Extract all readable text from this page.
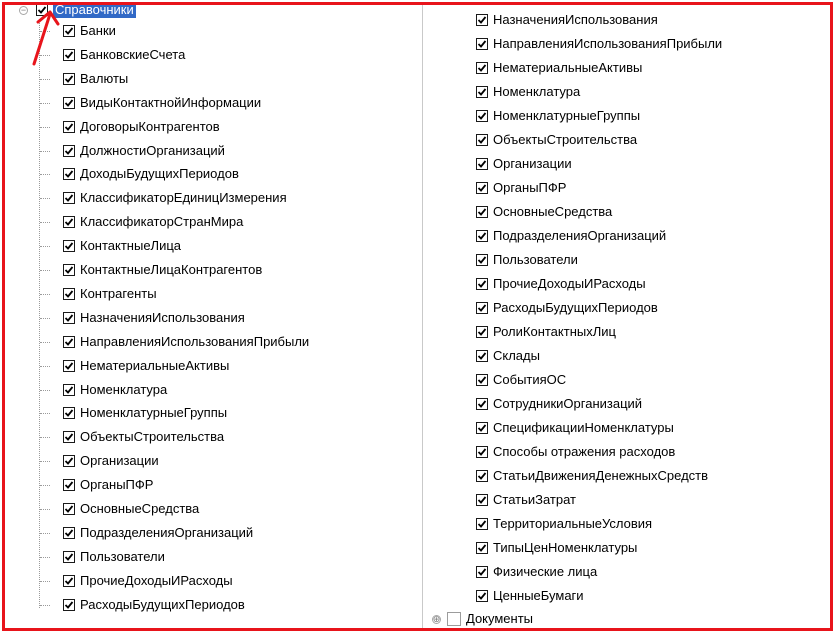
− Справочники
Банки
БанковскиеСчета
Валюты
ВидыКонтактнойИнформации
ДоговорыКонтрагентов
ДолжностиОрганизаций
ДоходыБудущихПериодов
КлассификаторЕдиницИзмерения
КлассификаторСтранМира
КонтактныеЛица
КонтактныеЛицаКонтрагентов
Контрагенты
НазначенияИспользования
НаправленияИспользованияПрибыли
НематериальныеАктивы
Номенклатура
НоменклатурныеГруппы
ОбъектыСтроительства
Организации
ОрганыПФР
ОсновныеСредства
ПодразделенияОрганизаций
Пользователи
ПрочиеДоходыИРасходы
РасходыБудущихПериодов
НазначенияИспользования
НаправленияИспользованияПрибыли
НематериальныеАктивы
Номенклатура
НоменклатурныеГруппы
ОбъектыСтроительства
Организации
ОрганыПФР
ОсновныеСредства
ПодразделенияОрганизаций
Пользователи
ПрочиеДоходыИРасходы
РасходыБудущихПериодов
РолиКонтактныхЛиц
Склады
СобытияОС
СотрудникиОрганизаций
СпецификацииНоменклатуры
Способы отражения расходов
СтатьиДвиженияДенежныхСредств
СтатьиЗатрат
ТерриториальныеУсловия
ТипыЦенНоменклатуры
Физические лица
ЦенныеБумаги
⊕ Документы
